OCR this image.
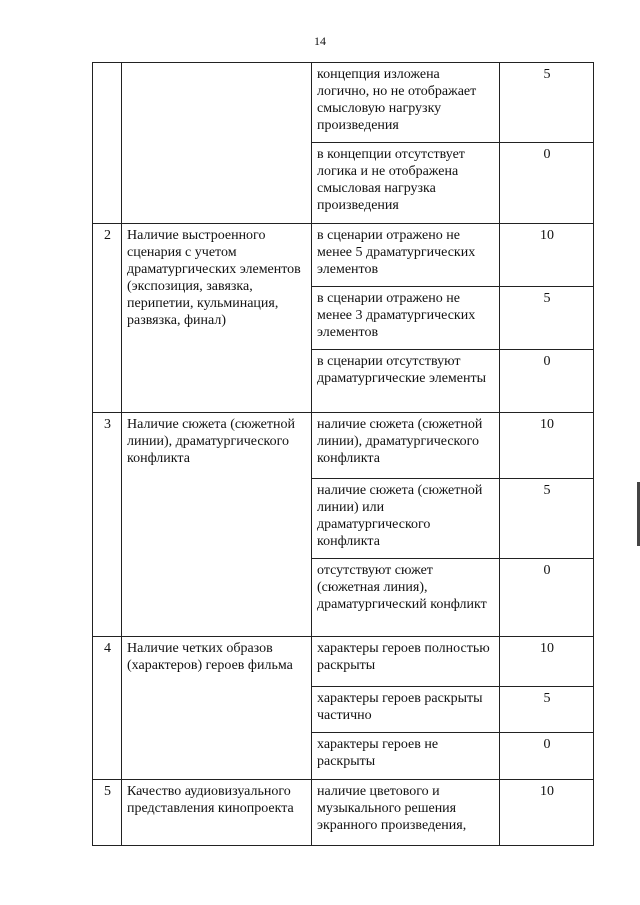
14
		концепция изложена логично, но не отображает смысловую нагрузку произведения	5
		в концепции отсутствует логика и не отображена смысловая нагрузка произведения	0
2	Наличие выстроенного сценария с учетом драматургических элементов (экспозиция, завязка, перипетии, кульминация, развязка, финал)	в сценарии отражено не менее 5 драматургических элементов	10
		в сценарии отражено не менее 3 драматургических элементов	5
		в сценарии отсутствуют драматургические элементы	0
3	Наличие сюжета (сюжетной линии), драматургического конфликта	наличие сюжета (сюжетной линии), драматургического конфликта	10
		наличие сюжета (сюжетной линии) или драматургического конфликта	5
		отсутствуют сюжет (сюжетная линия), драматургический конфликт	0
4	Наличие четких образов (характеров) героев фильма	характеры героев полностью раскрыты	10
		характеры героев раскрыты частично	5
		характеры героев не раскрыты	0
5	Качество аудиовизуального представления кинопроекта	наличие цветового и музыкального решения экранного произведения,	10
